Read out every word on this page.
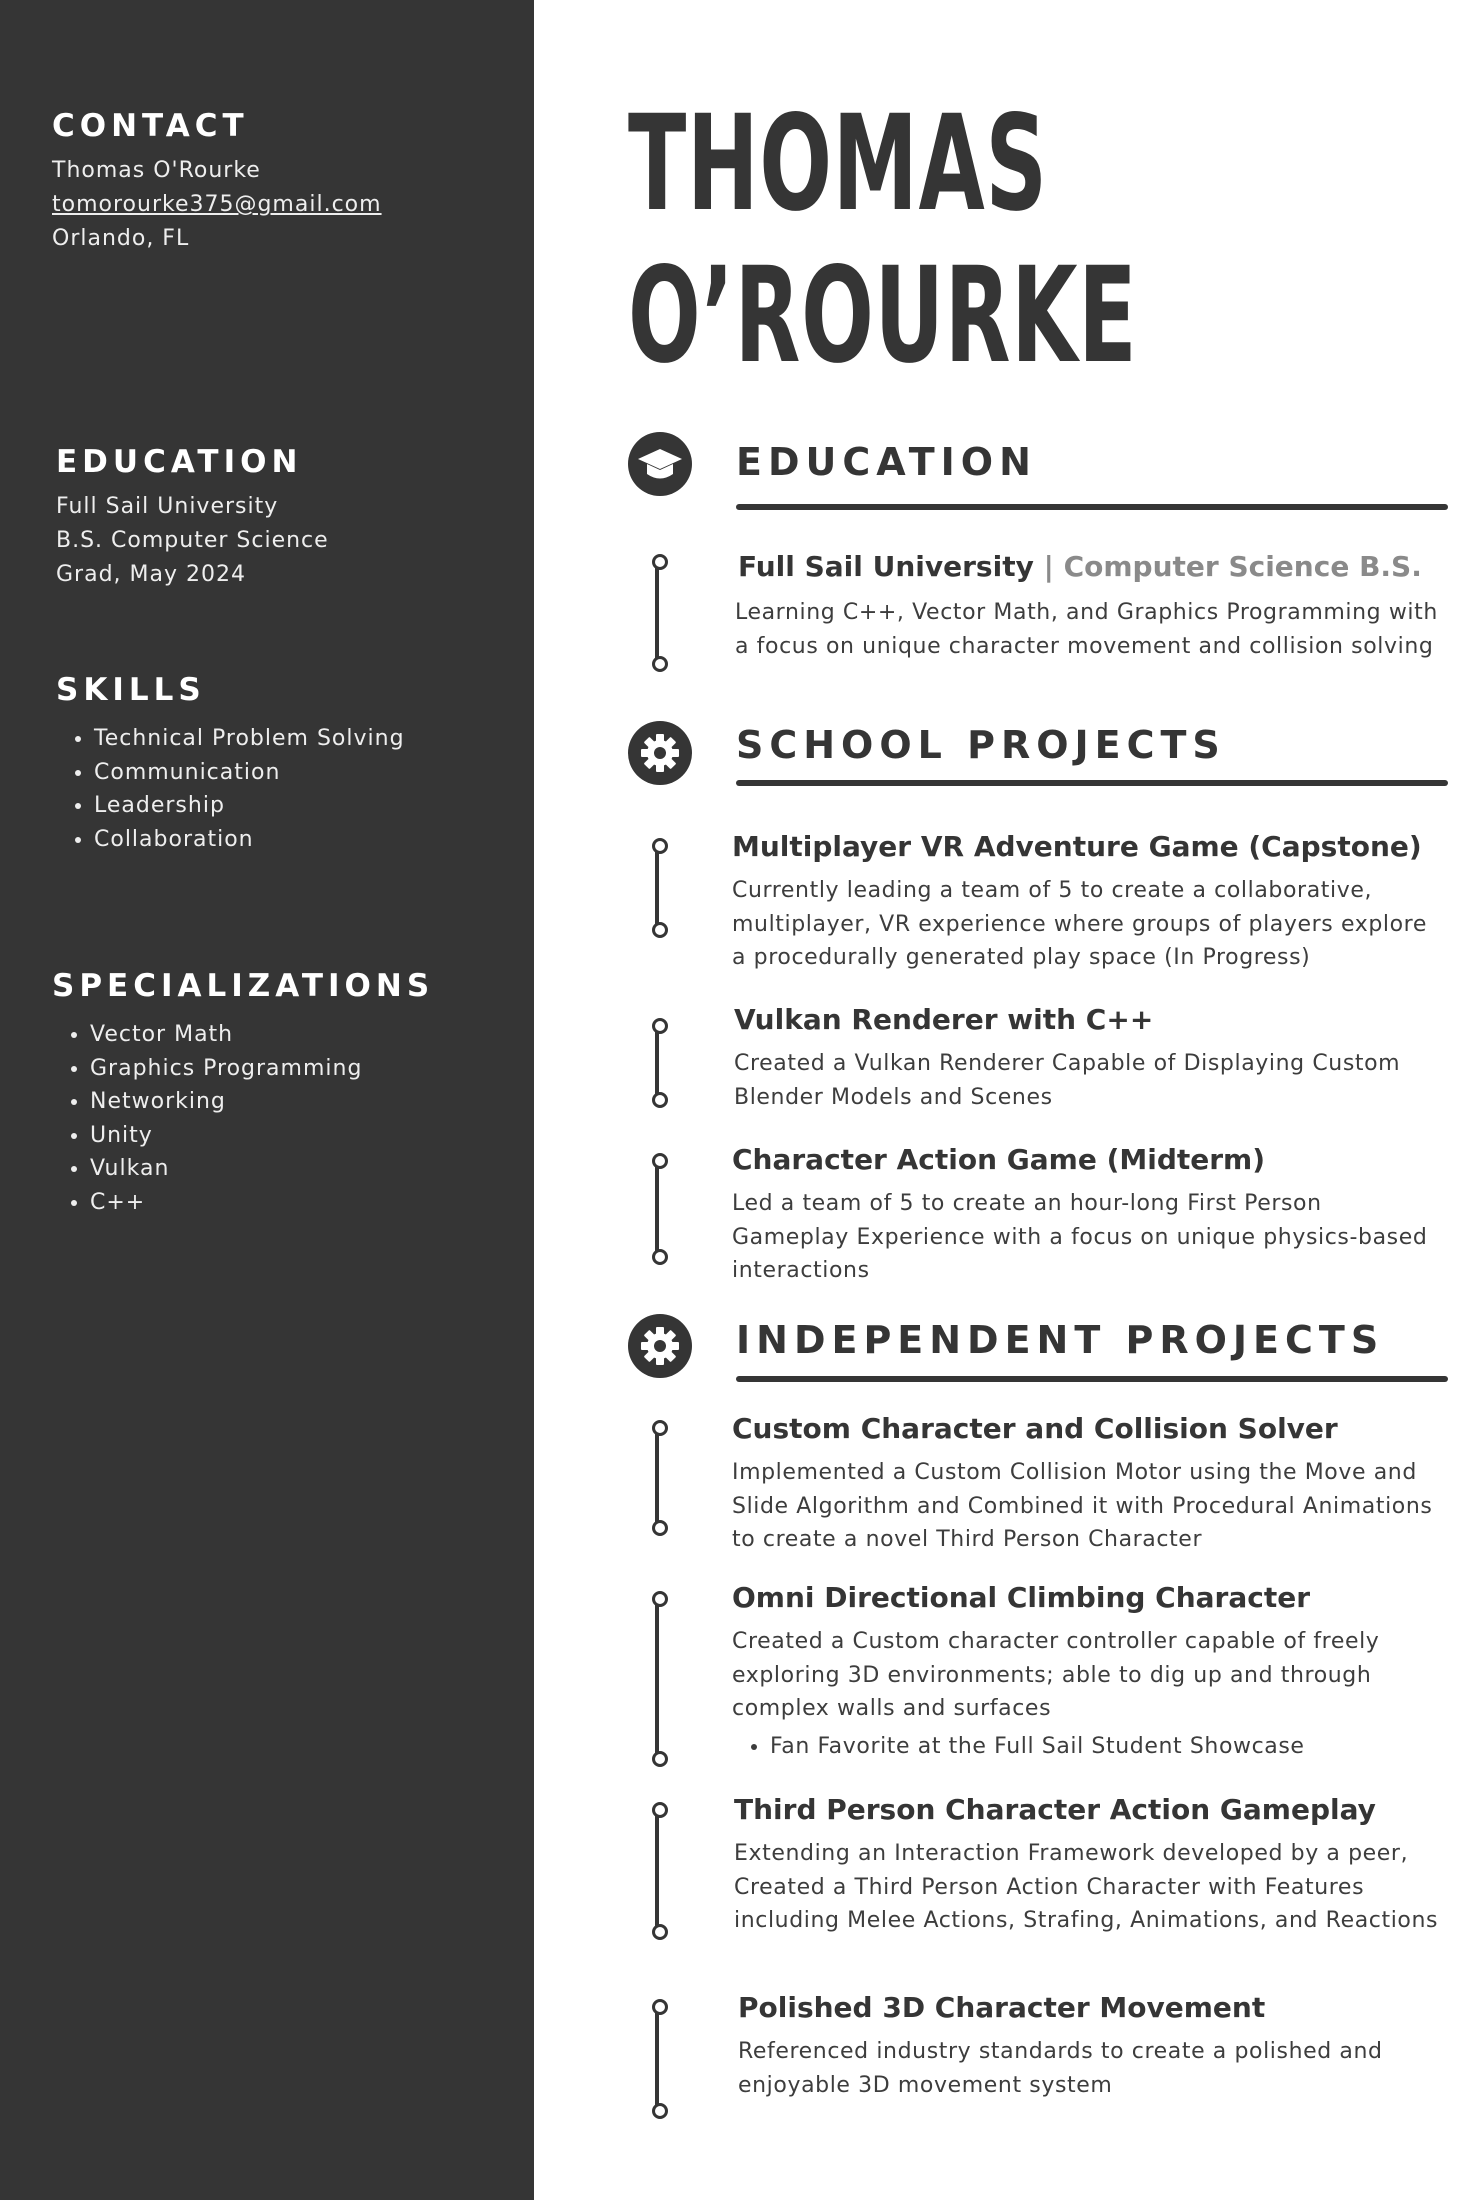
CONTACT
Thomas O'Rourke
tomorourke375@gmail.com
Orlando, FL
EDUCATION
Full Sail University
B.S. Computer Science
Grad, May 2024
SKILLS
• Technical Problem Solving
• Communication
• Leadership
• Collaboration
SPECIALIZATIONS
• Vector Math
• Graphics Programming
• Networking
• Unity
• Vulkan
• C++
THOMAS
O’ROURKE
EDUCATION

Full Sail University | Computer Science B.S.

Learning C++, Vector Math, and Graphics Programming with a focus on unique character movement and collision solving

SCHOOL PROJECTS

Multiplayer VR Adventure Game (Capstone)

Currently leading a team of 5 to create a collaborative, multiplayer, VR experience where groups of players explore a procedurally generated play space (In Progress)

Vulkan Renderer with C++

Created a Vulkan Renderer Capable of Displaying Custom Blender Models and Scenes

Character Action Game (Midterm)

Led a team of 5 to create an hour-long First Person Gameplay Experience with a focus on unique physics-based interactions

INDEPENDENT PROJECTS

Custom Character and Collision Solver

Implemented a Custom Collision Motor using the Move and Slide Algorithm and Combined it with Procedural Animations to create a novel Third Person Character

Omni Directional Climbing Character

Created a Custom character controller capable of freely exploring 3D environments; able to dig up and through complex walls and surfaces

• Fan Favorite at the Full Sail Student Showcase

Third Person Character Action Gameplay

Extending an Interaction Framework developed by a peer, Created a Third Person Action Character with Features including Melee Actions, Strafing, Animations, and Reactions

Polished 3D Character Movement

Referenced industry standards to create a polished and enjoyable 3D movement system
